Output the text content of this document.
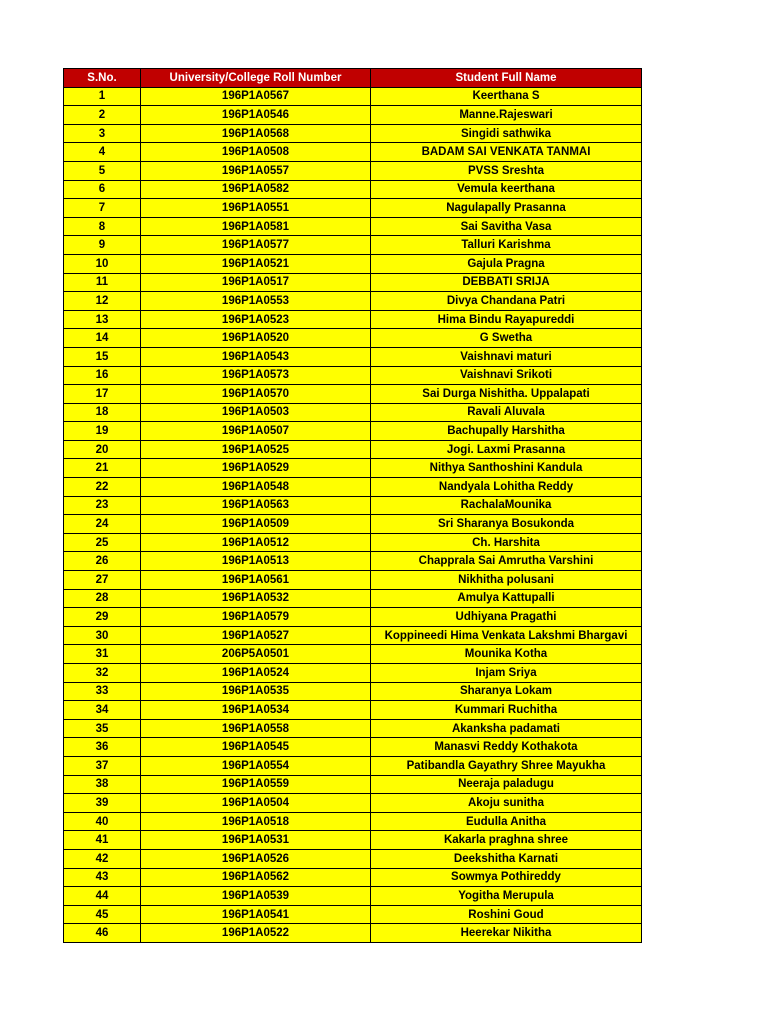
S.No.	University/College Roll Number	Student Full Name
1	196P1A0567	Keerthana S
2	196P1A0546	Manne.Rajeswari
3	196P1A0568	Singidi sathwika
4	196P1A0508	BADAM SAI VENKATA TANMAI
5	196P1A0557	PVSS Sreshta
6	196P1A0582	Vemula keerthana
7	196P1A0551	Nagulapally Prasanna
8	196P1A0581	Sai Savitha Vasa
9	196P1A0577	Talluri Karishma
10	196P1A0521	Gajula Pragna
11	196P1A0517	DEBBATI SRIJA
12	196P1A0553	Divya Chandana Patri
13	196P1A0523	Hima Bindu Rayapureddi
14	196P1A0520	G Swetha
15	196P1A0543	Vaishnavi maturi
16	196P1A0573	Vaishnavi Srikoti
17	196P1A0570	Sai Durga Nishitha. Uppalapati
18	196P1A0503	Ravali Aluvala
19	196P1A0507	Bachupally Harshitha
20	196P1A0525	Jogi. Laxmi Prasanna
21	196P1A0529	Nithya Santhoshini Kandula
22	196P1A0548	Nandyala Lohitha Reddy
23	196P1A0563	RachalaMounika
24	196P1A0509	Sri Sharanya Bosukonda
25	196P1A0512	Ch. Harshita
26	196P1A0513	Chapprala Sai Amrutha Varshini
27	196P1A0561	Nikhitha polusani
28	196P1A0532	Amulya Kattupalli
29	196P1A0579	Udhiyana Pragathi
30	196P1A0527	Koppineedi Hima Venkata Lakshmi Bhargavi
31	206P5A0501	Mounika Kotha
32	196P1A0524	Injam Sriya
33	196P1A0535	Sharanya Lokam
34	196P1A0534	Kummari Ruchitha
35	196P1A0558	Akanksha padamati
36	196P1A0545	Manasvi Reddy Kothakota
37	196P1A0554	Patibandla Gayathry Shree Mayukha
38	196P1A0559	Neeraja paladugu
39	196P1A0504	Akoju sunitha
40	196P1A0518	Eudulla Anitha
41	196P1A0531	Kakarla praghna shree
42	196P1A0526	Deekshitha Karnati
43	196P1A0562	Sowmya Pothireddy
44	196P1A0539	Yogitha Merupula
45	196P1A0541	Roshini Goud
46	196P1A0522	Heerekar Nikitha
